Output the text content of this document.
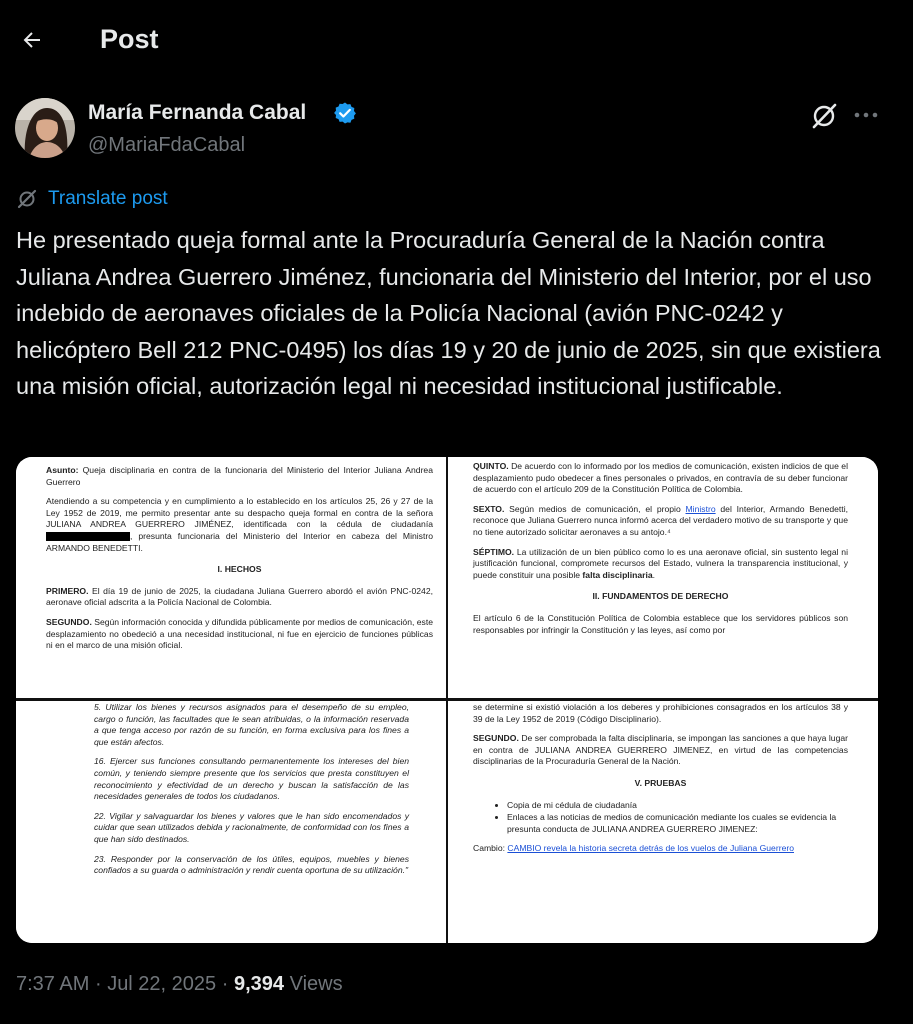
Post
María Fernanda Cabal
@MariaFdaCabal
Translate post
He presentado queja formal ante la Procuraduría General de la Nación contra Juliana Andrea Guerrero Jiménez, funcionaria del Ministerio del Interior, por el uso indebido de aeronaves oficiales de la Policía Nacional (avión PNC-0242 y helicóptero Bell 212 PNC-0495) los días 19 y 20 de junio de 2025, sin que existiera una misión oficial, autorización legal ni necesidad institucional justificable.

Asunto: Queja disciplinaria en contra de la funcionaria del Ministerio del Interior Juliana Andrea Guerrero

Atendiendo a su competencia y en cumplimiento a lo establecido en los artículos 25, 26 y 27 de la Ley 1952 de 2019, me permito presentar ante su despacho queja formal en contra de la señora JULIANA ANDREA GUERRERO JIMÉNEZ, identificada con la cédula de ciudadanía , presunta funcionaria del Ministerio del Interior en cabeza del Ministro ARMANDO BENEDETTI.

I. HECHOS

PRIMERO. El día 19 de junio de 2025, la ciudadana Juliana Guerrero abordó el avión PNC-0242, aeronave oficial adscrita a la Policía Nacional de Colombia.

SEGUNDO. Según información conocida y difundida públicamente por medios de comunicación, este desplazamiento no obedeció a una necesidad institucional, ni fue en ejercicio de funciones públicas ni en el marco de una misión oficial.

QUINTO. De acuerdo con lo informado por los medios de comunicación, existen indicios de que el desplazamiento pudo obedecer a fines personales o privados, en contravía de su deber funcionar de acuerdo con el artículo 209 de la Constitución Política de Colombia.

SEXTO. Según medios de comunicación, el propio Ministro del Interior, Armando Benedetti, reconoce que Juliana Guerrero nunca informó acerca del verdadero motivo de su transporte y que no tiene autorizado solicitar aeronaves a su antojo.⁴

SÉPTIMO. La utilización de un bien público como lo es una aeronave oficial, sin sustento legal ni justificación funcional, compromete recursos del Estado, vulnera la transparencia institucional, y puede constituir una posible falta disciplinaria.

II. FUNDAMENTOS DE DERECHO

El artículo 6 de la Constitución Política de Colombia establece que los servidores públicos son responsables por infringir la Constitución y las leyes, así como por

5. Utilizar los bienes y recursos asignados para el desempeño de su empleo, cargo o función, las facultades que le sean atribuidas, o la información reservada a que tenga acceso por razón de su función, en forma exclusiva para los fines a que están afectos.

16. Ejercer sus funciones consultando permanentemente los intereses del bien común, y teniendo siempre presente que los servicios que presta constituyen el reconocimiento y efectividad de un derecho y buscan la satisfacción de las necesidades generales de todos los ciudadanos.

22. Vigilar y salvaguardar los bienes y valores que le han sido encomendados y cuidar que sean utilizados debida y racionalmente, de conformidad con los fines a que han sido destinados.

23. Responder por la conservación de los útiles, equipos, muebles y bienes confiados a su guarda o administración y rendir cuenta oportuna de su utilización."

se determine si existió violación a los deberes y prohibiciones consagrados en los artículos 38 y 39 de la Ley 1952 de 2019 (Código Disciplinario).

SEGUNDO. De ser comprobada la falta disciplinaria, se impongan las sanciones a que haya lugar en contra de JULIANA ANDREA GUERRERO JIMENEZ, en virtud de las competencias disciplinarias de la Procuraduría General de la Nación.

V. PRUEBAS
• Copia de mi cédula de ciudadanía
• Enlaces a las noticias de medios de comunicación mediante los cuales se evidencia la presunta conducta de JULIANA ANDREA GUERRERO JIMENEZ:

Cambio: CAMBIO revela la historia secreta detrás de los vuelos de Juliana Guerrero

7:37 AM · Jul 22, 2025 · 9,394 Views
